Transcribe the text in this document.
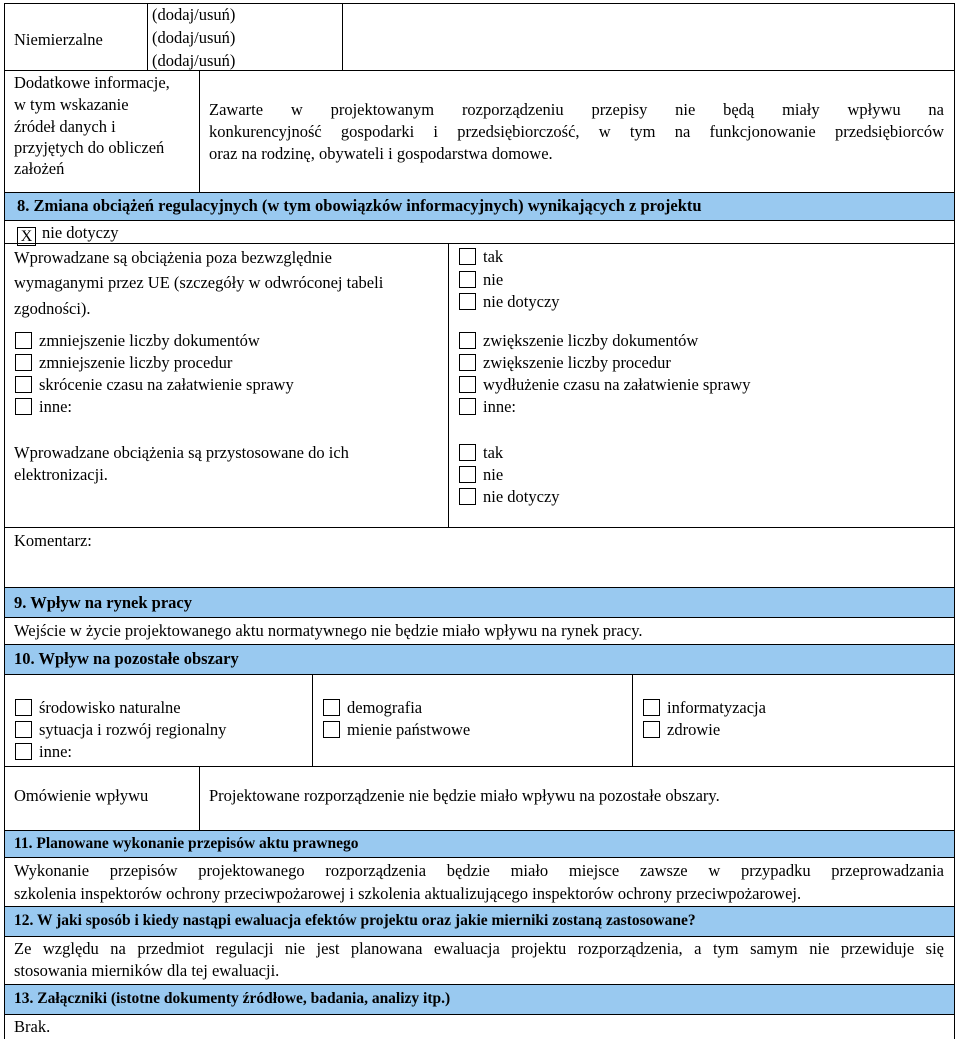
Niemierzalne
(dodaj/usuń)
(dodaj/usuń)
(dodaj/usuń)
Dodatkowe informacje,
w tym wskazanie
źródeł danych i
przyjętych do obliczeń
założeń
Zawarte w projektowanym rozporządzeniu przepisy nie będą miały wpływu na
konkurencyjność gospodarki i przedsiębiorczość, w tym na funkcjonowanie przedsiębiorców
oraz na rodzinę, obywateli i gospodarstwa domowe.
8. Zmiana obciążeń regulacyjnych (w tym obowiązków informacyjnych) wynikających z projektu
X nie dotyczy
Wprowadzane są obciążenia poza bezwzględnie
wymaganymi przez UE (szczegóły w odwróconej tabeli
zgodności).
tak
nie
nie dotyczy
zmniejszenie liczby dokumentów
zmniejszenie liczby procedur
skrócenie czasu na załatwienie sprawy
inne:
zwiększenie liczby dokumentów
zwiększenie liczby procedur
wydłużenie czasu na załatwienie sprawy
inne:
Wprowadzane obciążenia są przystosowane do ich
elektronizacji.
tak
nie
nie dotyczy
Komentarz:
9. Wpływ na rynek pracy
Wejście w życie projektowanego aktu normatywnego nie będzie miało wpływu na rynek pracy.
10. Wpływ na pozostałe obszary
środowisko naturalne
sytuacja i rozwój regionalny
inne:
demografia
mienie państwowe
informatyzacja
zdrowie
Omówienie wpływu	Projektowane rozporządzenie nie będzie miało wpływu na pozostałe obszary.
11. Planowane wykonanie przepisów aktu prawnego
Wykonanie przepisów projektowanego rozporządzenia będzie miało miejsce zawsze w przypadku przeprowadzania
szkolenia inspektorów ochrony przeciwpożarowej i szkolenia aktualizującego inspektorów ochrony przeciwpożarowej.
12. W jaki sposób i kiedy nastąpi ewaluacja efektów projektu oraz jakie mierniki zostaną zastosowane?
Ze względu na przedmiot regulacji nie jest planowana ewaluacja projektu rozporządzenia, a tym samym nie przewiduje się
stosowania mierników dla tej ewaluacji.
13. Załączniki (istotne dokumenty źródłowe, badania, analizy itp.)
Brak.
